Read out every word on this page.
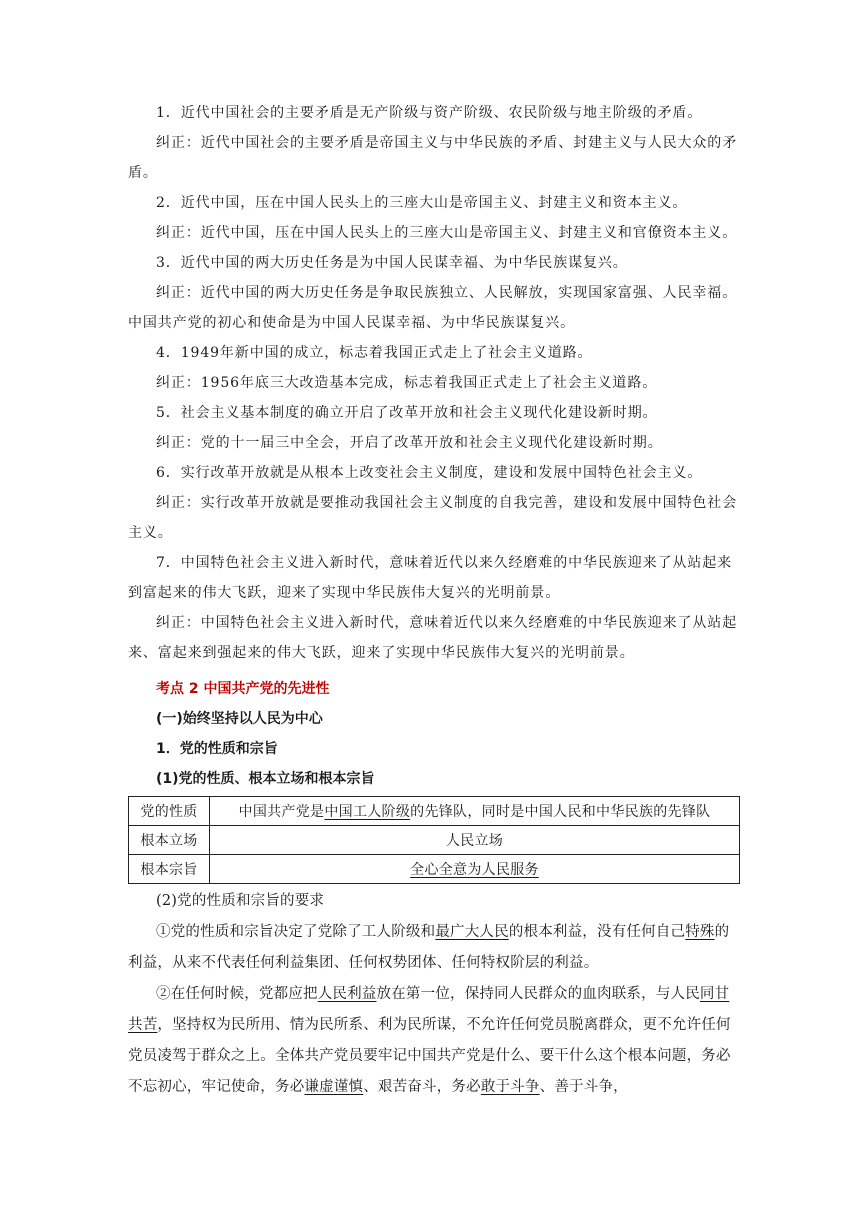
1．近代中国社会的主要矛盾是无产阶级与资产阶级、农民阶级与地主阶级的矛盾。

纠正：近代中国社会的主要矛盾是帝国主义与中华民族的矛盾、封建主义与人民大众的矛盾。

2．近代中国，压在中国人民头上的三座大山是帝国主义、封建主义和资本主义。

纠正：近代中国，压在中国人民头上的三座大山是帝国主义、封建主义和官僚资本主义。

3．近代中国的两大历史任务是为中国人民谋幸福、为中华民族谋复兴。

纠正：近代中国的两大历史任务是争取民族独立、人民解放，实现国家富强、人民幸福。中国共产党的初心和使命是为中国人民谋幸福、为中华民族谋复兴。

4．1949年新中国的成立，标志着我国正式走上了社会主义道路。

纠正：1956年底三大改造基本完成，标志着我国正式走上了社会主义道路。

5．社会主义基本制度的确立开启了改革开放和社会主义现代化建设新时期。

纠正：党的十一届三中全会，开启了改革开放和社会主义现代化建设新时期。

6．实行改革开放就是从根本上改变社会主义制度，建设和发展中国特色社会主义。

纠正：实行改革开放就是要推动我国社会主义制度的自我完善，建设和发展中国特色社会主义。

7．中国特色社会主义进入新时代，意味着近代以来久经磨难的中华民族迎来了从站起来到富起来的伟大飞跃，迎来了实现中华民族伟大复兴的光明前景。

纠正：中国特色社会主义进入新时代，意味着近代以来久经磨难的中华民族迎来了从站起来、富起来到强起来的伟大飞跃，迎来了实现中华民族伟大复兴的光明前景。

考点 2 中国共产党的先进性

(一)始终坚持以人民为中心

1．党的性质和宗旨

(1)党的性质、根本立场和根本宗旨

党的性质	中国共产党是中国工人阶级的先锋队，同时是中国人民和中华民族的先锋队
根本立场	人民立场
根本宗旨	全心全意为人民服务

(2)党的性质和宗旨的要求

①党的性质和宗旨决定了党除了工人阶级和最广大人民的根本利益，没有任何自己特殊的利益，从来不代表任何利益集团、任何权势团体、任何特权阶层的利益。

②在任何时候，党都应把人民利益放在第一位，保持同人民群众的血肉联系，与人民同甘共苦，坚持权为民所用、情为民所系、利为民所谋，不允许任何党员脱离群众，更不允许任何党员凌驾于群众之上。全体共产党员要牢记中国共产党是什么、要干什么这个根本问题，务必不忘初心，牢记使命，务必谦虚谨慎、艰苦奋斗，务必敢于斗争、善于斗争，
